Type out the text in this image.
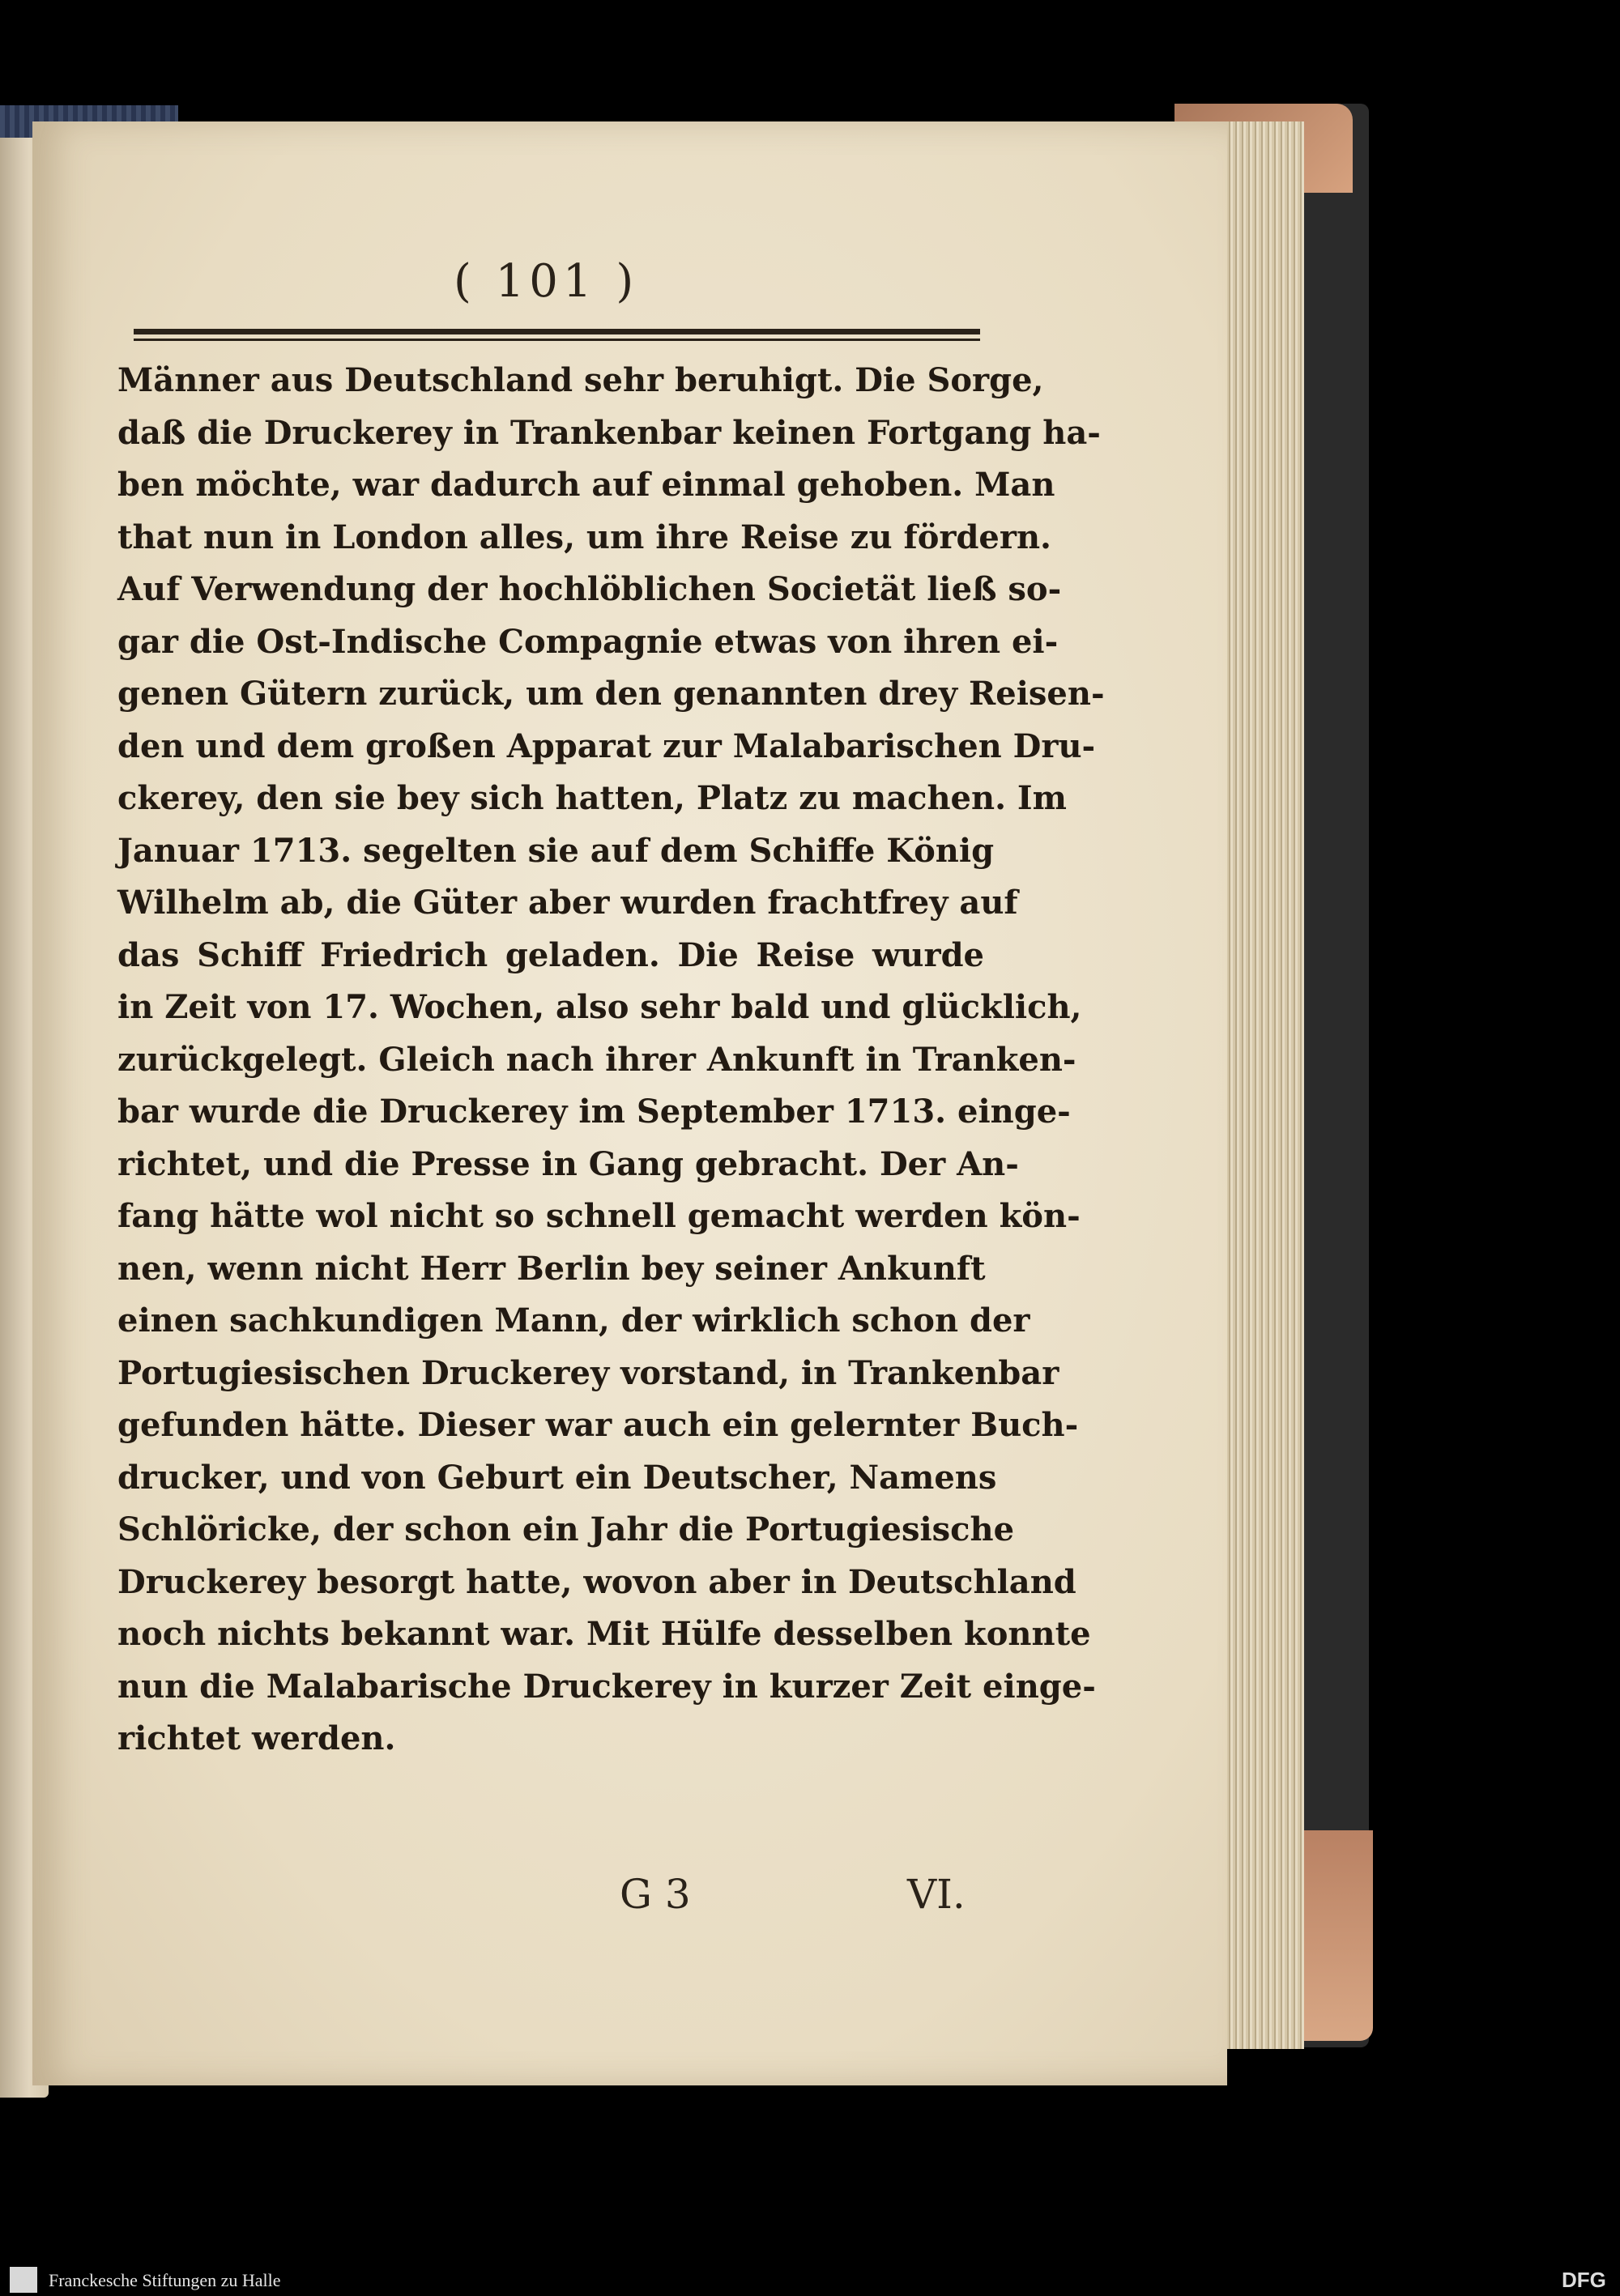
( 101 )
Männer aus Deutschland sehr beruhigt. Die Sorge,
daß die Druckerey in Trankenbar keinen Fortgang ha-
ben möchte, war dadurch auf einmal gehoben. Man
that nun in London alles, um ihre Reise zu fördern.
Auf Verwendung der hochlöblichen Societät ließ so-
gar die Ost-Indische Compagnie etwas von ihren ei-
genen Gütern zurück, um den genannten drey Reisen-
den und dem großen Apparat zur Malabarischen Dru-
ckerey, den sie bey sich hatten, Platz zu machen. Im
Januar 1713. segelten sie auf dem Schiffe König
Wilhelm ab, die Güter aber wurden frachtfrey auf
das Schiff Friedrich geladen. Die Reise wurde
in Zeit von 17. Wochen, also sehr bald und glücklich,
zurückgelegt. Gleich nach ihrer Ankunft in Tranken-
bar wurde die Druckerey im September 1713. einge-
richtet, und die Presse in Gang gebracht. Der An-
fang hätte wol nicht so schnell gemacht werden kön-
nen, wenn nicht Herr Berlin bey seiner Ankunft
einen sachkundigen Mann, der wirklich schon der
Portugiesischen Druckerey vorstand, in Trankenbar
gefunden hätte. Dieser war auch ein gelernter Buch-
drucker, und von Geburt ein Deutscher, Namens
Schlöricke, der schon ein Jahr die Portugiesische
Druckerey besorgt hatte, wovon aber in Deutschland
noch nichts bekannt war. Mit Hülfe desselben konnte
nun die Malabarische Druckerey in kurzer Zeit einge-
richtet werden.
G 3	VI.
Franckesche Stiftungen zu Halle	DFG
